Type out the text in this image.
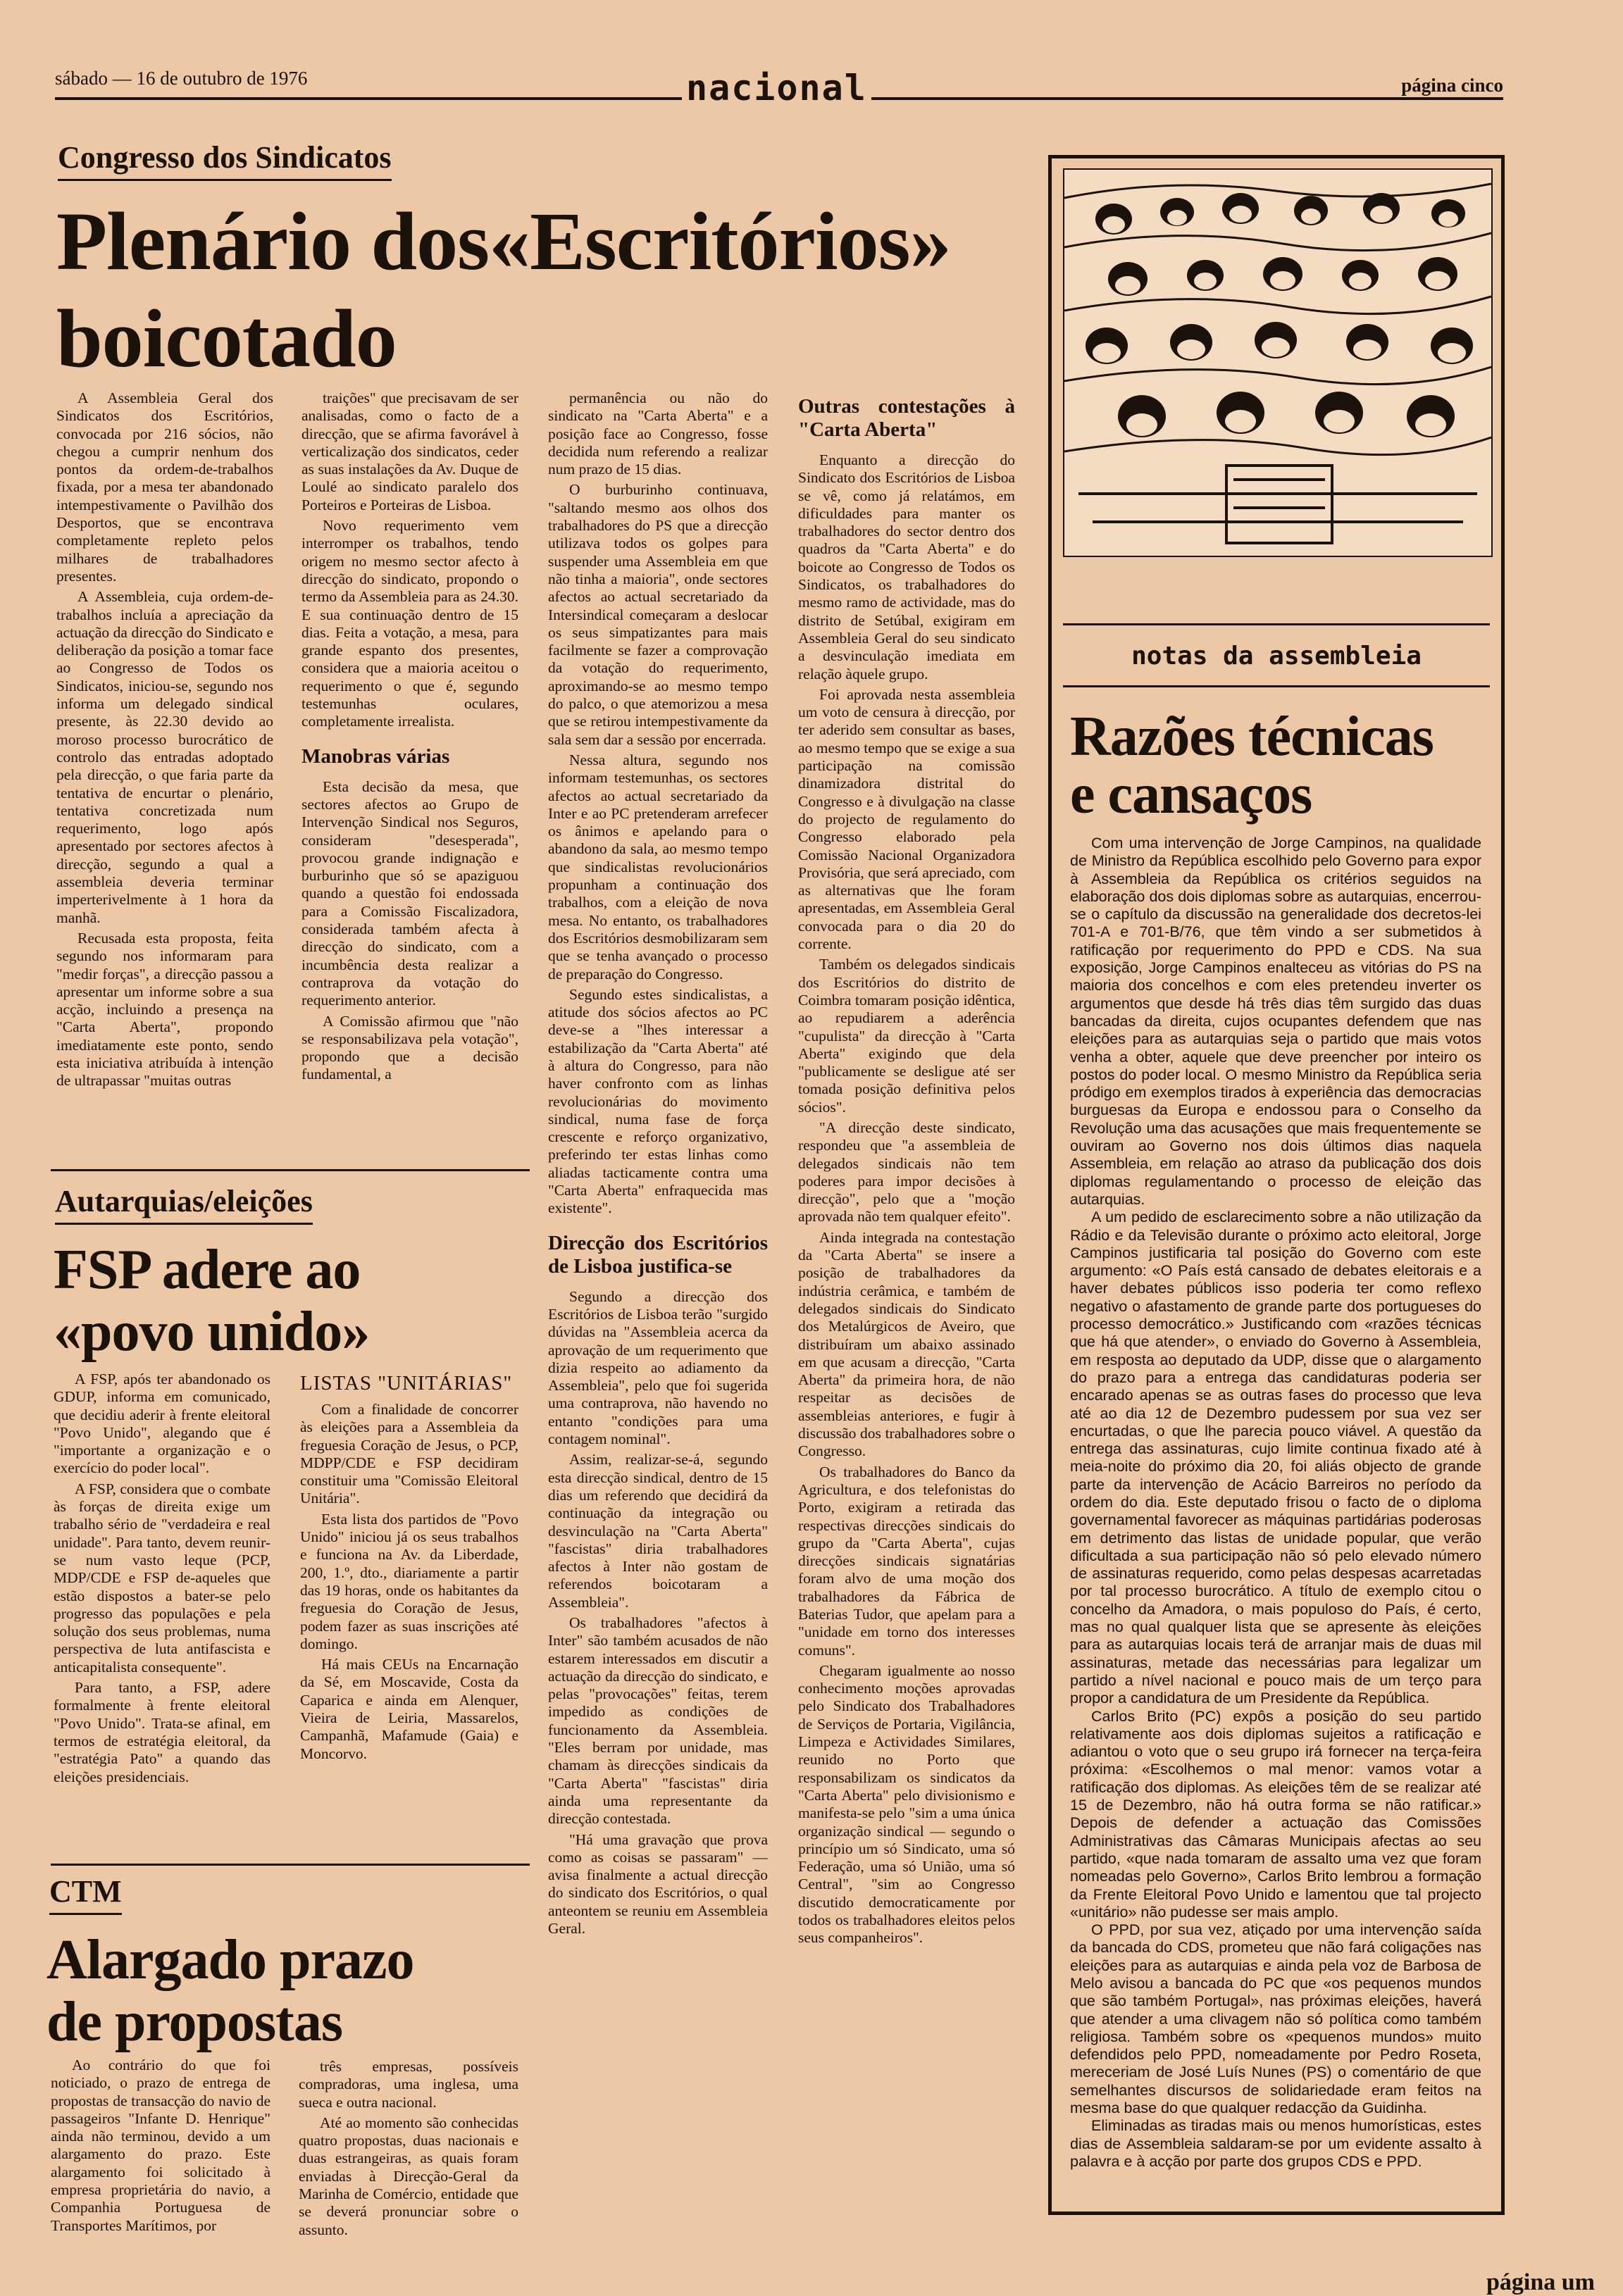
sábado — 16 de outubro de 1976	nacional	página cinco
Congresso dos Sindicatos
Plenário dos«Escritórios»
boicotado

A Assembleia Geral dos Sindicatos dos Escritórios, convocada por 216 sócios, não chegou a cumprir nenhum dos pontos da ordem-de-trabalhos fixada, por a mesa ter abandonado intempestivamente o Pavilhão dos Desportos, que se encontrava completamente repleto pelos milhares de trabalhadores presentes.

A Assembleia, cuja ordem-de-trabalhos incluía a apreciação da actuação da direcção do Sindicato e deliberação da posição a tomar face ao Congresso de Todos os Sindicatos, iniciou-se, segundo nos informa um delegado sindical presente, às 22.30 devido ao moroso processo burocrático de controlo das entradas adoptado pela direcção, o que faria parte da tentativa de encurtar o plenário, tentativa concretizada num requerimento, logo após apresentado por sectores afectos à direcção, segundo a qual a assembleia deveria terminar imperterivelmente à 1 hora da manhã.

Recusada esta proposta, feita segundo nos informaram para "medir forças", a direcção passou a apresentar um informe sobre a sua acção, incluindo a presença na "Carta Aberta", propondo imediatamente este ponto, sendo esta iniciativa atribuída à intenção de ultrapassar "muitas outras

traições" que precisavam de ser analisadas, como o facto de a direcção, que se afirma favorável à verticalização dos sindicatos, ceder as suas instalações da Av. Duque de Loulé ao sindicato paralelo dos Porteiros e Porteiras de Lisboa.

Novo requerimento vem interromper os trabalhos, tendo origem no mesmo sector afecto à direcção do sindicato, propondo o termo da Assembleia para as 24.30. E sua continuação dentro de 15 dias. Feita a votação, a mesa, para grande espanto dos presentes, considera que a maioria aceitou o requerimento o que é, segundo testemunhas oculares, completamente irrealista.

Manobras várias

Esta decisão da mesa, que sectores afectos ao Grupo de Intervenção Sindical nos Seguros, consideram "desesperada", provocou grande indignação e burburinho que só se apaziguou quando a questão foi endossada para a Comissão Fiscalizadora, considerada também afecta à direcção do sindicato, com a incumbência desta realizar a contraprova da votação do requerimento anterior.

A Comissão afirmou que "não se responsabilizava pela votação", propondo que a decisão fundamental, a

permanência ou não do sindicato na "Carta Aberta" e a posição face ao Congresso, fosse decidida num referendo a realizar num prazo de 15 dias.

O burburinho continuava, "saltando mesmo aos olhos dos trabalhadores do PS que a direcção utilizava todos os golpes para suspender uma Assembleia em que não tinha a maioria", onde sectores afectos ao actual secretariado da Intersindical começaram a deslocar os seus simpatizantes para mais facilmente se fazer a comprovação da votação do requerimento, aproximando-se ao mesmo tempo do palco, o que atemorizou a mesa que se retirou intempestivamente da sala sem dar a sessão por encerrada.

Nessa altura, segundo nos informam testemunhas, os sectores afectos ao actual secretariado da Inter e ao PC pretenderam arrefecer os ânimos e apelando para o abandono da sala, ao mesmo tempo que sindicalistas revolucionários propunham a continuação dos trabalhos, com a eleição de nova mesa. No entanto, os trabalhadores dos Escritórios desmobilizaram sem que se tenha avançado o processo de preparação do Congresso.

Segundo estes sindicalistas, a atitude dos sócios afectos ao PC deve-se a "lhes interessar a estabilização da "Carta Aberta" até à altura do Congresso, para não haver confronto com as linhas revolucionárias do movimento sindical, numa fase de força crescente e reforço organizativo, preferindo ter estas linhas como aliadas tacticamente contra uma "Carta Aberta" enfraquecida mas existente".

Direcção dos Escritórios de Lisboa justifica-se

Segundo a direcção dos Escritórios de Lisboa terão "surgido dúvidas na "Assembleia acerca da aprovação de um requerimento que dizia respeito ao adiamento da Assembleia", pelo que foi sugerida uma contraprova, não havendo no entanto "condições para uma contagem nominal".

Assim, realizar-se-á, segundo esta direcção sindical, dentro de 15 dias um referendo que decidirá da continuação da integração ou desvinculação na "Carta Aberta" "fascistas" diria trabalhadores afectos à Inter não gostam de referendos boicotaram a Assembleia".

Os trabalhadores "afectos à Inter" são também acusados de não estarem interessados em discutir a actuação da direcção do sindicato, e pelas "provocações" feitas, terem impedido as condições de funcionamento da Assembleia. "Eles berram por unidade, mas chamam às direcções sindicais da "Carta Aberta" "fascistas" diria ainda uma representante da direcção contestada.

"Há uma gravação que prova como as coisas se passaram" — avisa finalmente a actual direcção do sindicato dos Escritórios, o qual anteontem se reuniu em Assembleia Geral.

Outras contestações à "Carta Aberta"

Enquanto a direcção do Sindicato dos Escritórios de Lisboa se vê, como já relatámos, em dificuldades para manter os trabalhadores do sector dentro dos quadros da "Carta Aberta" e do boicote ao Congresso de Todos os Sindicatos, os trabalhadores do mesmo ramo de actividade, mas do distrito de Setúbal, exigiram em Assembleia Geral do seu sindicato a desvinculação imediata em relação àquele grupo.

Foi aprovada nesta assembleia um voto de censura à direcção, por ter aderido sem consultar as bases, ao mesmo tempo que se exige a sua participação na comissão dinamizadora distrital do Congresso e à divulgação na classe do projecto de regulamento do Congresso elaborado pela Comissão Nacional Organizadora Provisória, que será apreciado, com as alternativas que lhe foram apresentadas, em Assembleia Geral convocada para o dia 20 do corrente.

Também os delegados sindicais dos Escritórios do distrito de Coimbra tomaram posição idêntica, ao repudiarem a aderência "cupulista" da direcção à "Carta Aberta" exigindo que dela "publicamente se desligue até ser tomada posição definitiva pelos sócios".

"A direcção deste sindicato, respondeu que "a assembleia de delegados sindicais não tem poderes para impor decisões à direcção", pelo que a "moção aprovada não tem qualquer efeito".

Ainda integrada na contestação da "Carta Aberta" se insere a posição de trabalhadores da indústria cerâmica, e também de delegados sindicais do Sindicato dos Metalúrgicos de Aveiro, que distribuíram um abaixo assinado em que acusam a direcção, "Carta Aberta" da primeira hora, de não respeitar as decisões de assembleias anteriores, e fugir à discussão dos trabalhadores sobre o Congresso.

Os trabalhadores do Banco da Agricultura, e dos telefonistas do Porto, exigiram a retirada das respectivas direcções sindicais do grupo da "Carta Aberta", cujas direcções sindicais signatárias foram alvo de uma moção dos trabalhadores da Fábrica de Baterias Tudor, que apelam para a "unidade em torno dos interesses comuns".

Chegaram igualmente ao nosso conhecimento moções aprovadas pelo Sindicato dos Trabalhadores de Serviços de Portaria, Vigilância, Limpeza e Actividades Similares, reunido no Porto que responsabilizam os sindicatos da "Carta Aberta" pelo divisionismo e manifesta-se pelo "sim a uma única organização sindical — segundo o princípio um só Sindicato, uma só Federação, uma só União, uma só Central", "sim ao Congresso discutido democraticamente por todos os trabalhadores eleitos pelos seus companheiros".

Autarquias/eleições
FSP adere ao
«povo unido»

A FSP, após ter abandonado os GDUP, informa em comunicado, que decidiu aderir à frente eleitoral "Povo Unido", alegando que é "importante a organização e o exercício do poder local".

A FSP, considera que o combate às forças de direita exige um trabalho sério de "verdadeira e real unidade". Para tanto, devem reunir-se num vasto leque (PCP, MDP/CDE e FSP de-aqueles que estão dispostos a bater-se pelo progresso das populações e pela solução dos seus problemas, numa perspectiva de luta antifascista e anticapitalista consequente".

Para tanto, a FSP, adere formalmente à frente eleitoral "Povo Unido". Trata-se afinal, em termos de estratégia eleitoral, da "estratégia Pato" a quando das eleições presidenciais.

LISTAS "UNITÁRIAS"

Com a finalidade de concorrer às eleições para a Assembleia da freguesia Coração de Jesus, o PCP, MDPP/CDE e FSP decidiram constituir uma "Comissão Eleitoral Unitária".

Esta lista dos partidos de "Povo Unido" iniciou já os seus trabalhos e funciona na Av. da Liberdade, 200, 1.º, dto., diariamente a partir das 19 horas, onde os habitantes da freguesia do Coração de Jesus, podem fazer as suas inscrições até domingo.

Há mais CEUs na Encarnação da Sé, em Moscavide, Costa da Caparica e ainda em Alenquer, Vieira de Leiria, Massarelos, Campanhã, Mafamude (Gaia) e Moncorvo.

CTM
Alargado prazo
de propostas

Ao contrário do que foi noticiado, o prazo de entrega de propostas de transacção do navio de passageiros "Infante D. Henrique" ainda não terminou, devido a um alargamento do prazo. Este alargamento foi solicitado à empresa proprietária do navio, a Companhia Portuguesa de Transportes Marítimos, por

três empresas, possíveis compradoras, uma inglesa, uma sueca e outra nacional.

Até ao momento são conhecidas quatro propostas, duas nacionais e duas estrangeiras, as quais foram enviadas à Direcção-Geral da Marinha de Comércio, entidade que se deverá pronunciar sobre o assunto.

notas da assembleia
Razões técnicas
e cansaços

Com uma intervenção de Jorge Campinos, na qualidade de Ministro da República escolhido pelo Governo para expor à Assembleia da República os critérios seguidos na elaboração dos dois diplomas sobre as autarquias, encerrou-se o capítulo da discussão na generalidade dos decretos-lei 701-A e 701-B/76, que têm vindo a ser submetidos à ratificação por requerimento do PPD e CDS. Na sua exposição, Jorge Campinos enalteceu as vitórias do PS na maioria dos concelhos e com eles pretendeu inverter os argumentos que desde há três dias têm surgido das duas bancadas da direita, cujos ocupantes defendem que nas eleições para as autarquias seja o partido que mais votos venha a obter, aquele que deve preencher por inteiro os postos do poder local. O mesmo Ministro da República seria pródigo em exemplos tirados à experiência das democracias burguesas da Europa e endossou para o Conselho da Revolução uma das acusações que mais frequentemente se ouviram ao Governo nos dois últimos dias naquela Assembleia, em relação ao atraso da publicação dos dois diplomas regulamentando o processo de eleição das autarquias.

A um pedido de esclarecimento sobre a não utilização da Rádio e da Televisão durante o próximo acto eleitoral, Jorge Campinos justificaria tal posição do Governo com este argumento: «O País está cansado de debates eleitorais e a haver debates públicos isso poderia ter como reflexo negativo o afastamento de grande parte dos portugueses do processo democrático.» Justificando com «razões técnicas que há que atender», o enviado do Governo à Assembleia, em resposta ao deputado da UDP, disse que o alargamento do prazo para a entrega das candidaturas poderia ser encarado apenas se as outras fases do processo que leva até ao dia 12 de Dezembro pudessem por sua vez ser encurtadas, o que lhe parecia pouco viável. A questão da entrega das assinaturas, cujo limite continua fixado até à meia-noite do próximo dia 20, foi aliás objecto de grande parte da intervenção de Acácio Barreiros no período da ordem do dia. Este deputado frisou o facto de o diploma governamental favorecer as máquinas partidárias poderosas em detrimento das listas de unidade popular, que verão dificultada a sua participação não só pelo elevado número de assinaturas requerido, como pelas despesas acarretadas por tal processo burocrático. A título de exemplo citou o concelho da Amadora, o mais populoso do País, é certo, mas no qual qualquer lista que se apresente às eleições para as autarquias locais terá de arranjar mais de duas mil assinaturas, metade das necessárias para legalizar um partido a nível nacional e pouco mais de um terço para propor a candidatura de um Presidente da República.

Carlos Brito (PC) expôs a posição do seu partido relativamente aos dois diplomas sujeitos a ratificação e adiantou o voto que o seu grupo irá fornecer na terça-feira próxima: «Escolhemos o mal menor: vamos votar a ratificação dos diplomas. As eleições têm de se realizar até 15 de Dezembro, não há outra forma se não ratificar.» Depois de defender a actuação das Comissões Administrativas das Câmaras Municipais afectas ao seu partido, «que nada tomaram de assalto uma vez que foram nomeadas pelo Governo», Carlos Brito lembrou a formação da Frente Eleitoral Povo Unido e lamentou que tal projecto «unitário» não pudesse ser mais amplo.

O PPD, por sua vez, atiçado por uma intervenção saída da bancada do CDS, prometeu que não fará coligações nas eleições para as autarquias e ainda pela voz de Barbosa de Melo avisou a bancada do PC que «os pequenos mundos que são também Portugal», nas próximas eleições, haverá que atender a uma clivagem não só política como também religiosa. Também sobre os «pequenos mundos» muito defendidos pelo PPD, nomeadamente por Pedro Roseta, mereceriam de José Luís Nunes (PS) o comentário de que semelhantes discursos de solidariedade eram feitos na mesma base do que qualquer redacção da Guidinha.

Eliminadas as tiradas mais ou menos humorísticas, estes dias de Assembleia saldaram-se por um evidente assalto à palavra e à acção por parte dos grupos CDS e PPD.

página um
